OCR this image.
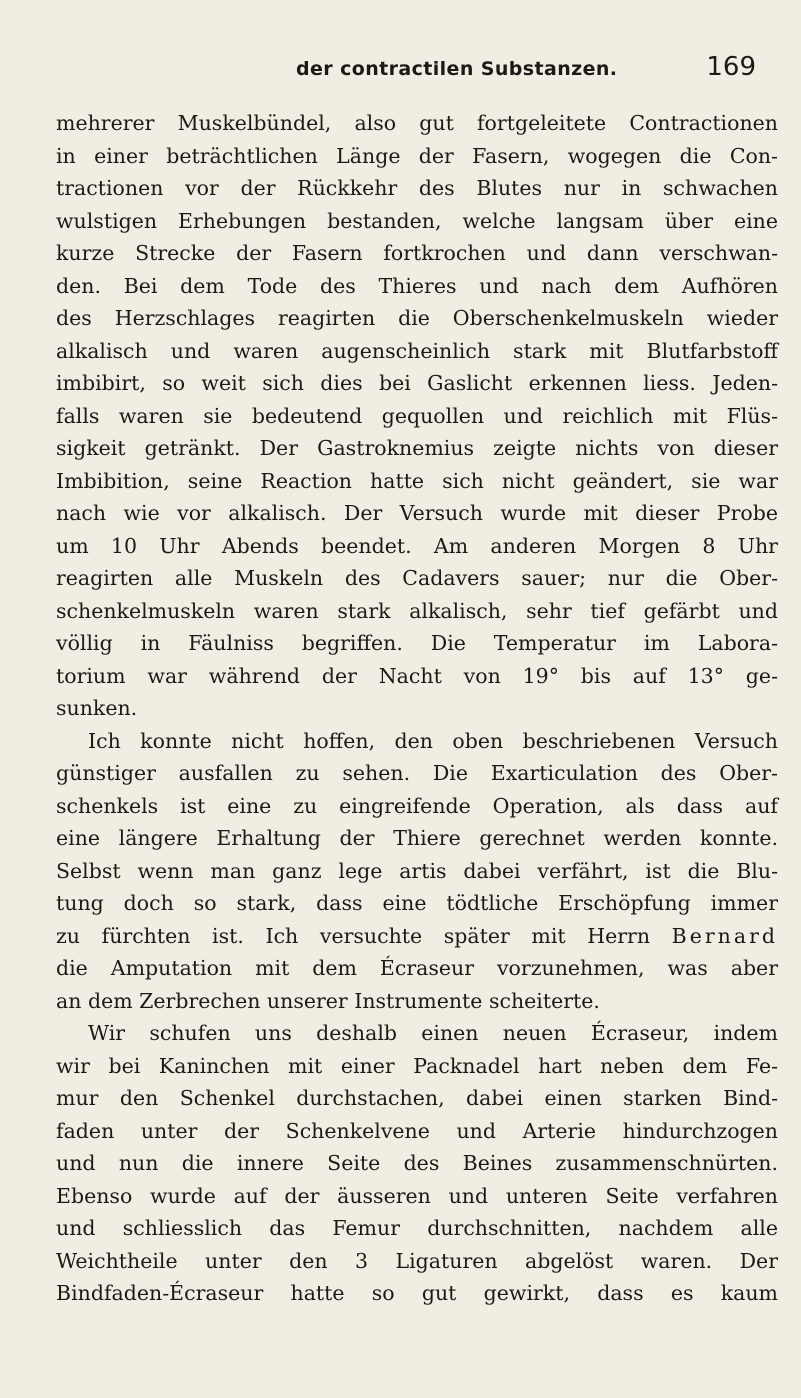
der contractilen Substanzen.	169
mehrerer Muskelbündel, also gut fortgeleitete Contractionen
in einer beträchtlichen Länge der Fasern, wogegen die Con-
tractionen vor der Rückkehr des Blutes nur in schwachen
wulstigen Erhebungen bestanden, welche langsam über eine
kurze Strecke der Fasern fortkrochen und dann verschwan-
den. Bei dem Tode des Thieres und nach dem Aufhören
des Herzschlages reagirten die Oberschenkelmuskeln wieder
alkalisch und waren augenscheinlich stark mit Blutfarbstoff
imbibirt, so weit sich dies bei Gaslicht erkennen liess. Jeden-
falls waren sie bedeutend gequollen und reichlich mit Flüs-
sigkeit getränkt. Der Gastroknemius zeigte nichts von dieser
Imbibition, seine Reaction hatte sich nicht geändert, sie war
nach wie vor alkalisch. Der Versuch wurde mit dieser Probe
um 10 Uhr Abends beendet. Am anderen Morgen 8 Uhr
reagirten alle Muskeln des Cadavers sauer; nur die Ober-
schenkelmuskeln waren stark alkalisch, sehr tief gefärbt und
völlig in Fäulniss begriffen. Die Temperatur im Labora-
torium war während der Nacht von 19° bis auf 13° ge-
sunken.
Ich konnte nicht hoffen, den oben beschriebenen Versuch
günstiger ausfallen zu sehen. Die Exarticulation des Ober-
schenkels ist eine zu eingreifende Operation, als dass auf
eine längere Erhaltung der Thiere gerechnet werden konnte.
Selbst wenn man ganz lege artis dabei verfährt, ist die Blu-
tung doch so stark, dass eine tödtliche Erschöpfung immer
zu fürchten ist. Ich versuchte später mit Herrn Bernard
die Amputation mit dem Écraseur vorzunehmen, was aber
an dem Zerbrechen unserer Instrumente scheiterte.
Wir schufen uns deshalb einen neuen Écraseur, indem
wir bei Kaninchen mit einer Packnadel hart neben dem Fe-
mur den Schenkel durchstachen, dabei einen starken Bind-
faden unter der Schenkelvene und Arterie hindurchzogen
und nun die innere Seite des Beines zusammenschnürten.
Ebenso wurde auf der äusseren und unteren Seite verfahren
und schliesslich das Femur durchschnitten, nachdem alle
Weichtheile unter den 3 Ligaturen abgelöst waren. Der
Bindfaden-Écraseur hatte so gut gewirkt, dass es kaum
